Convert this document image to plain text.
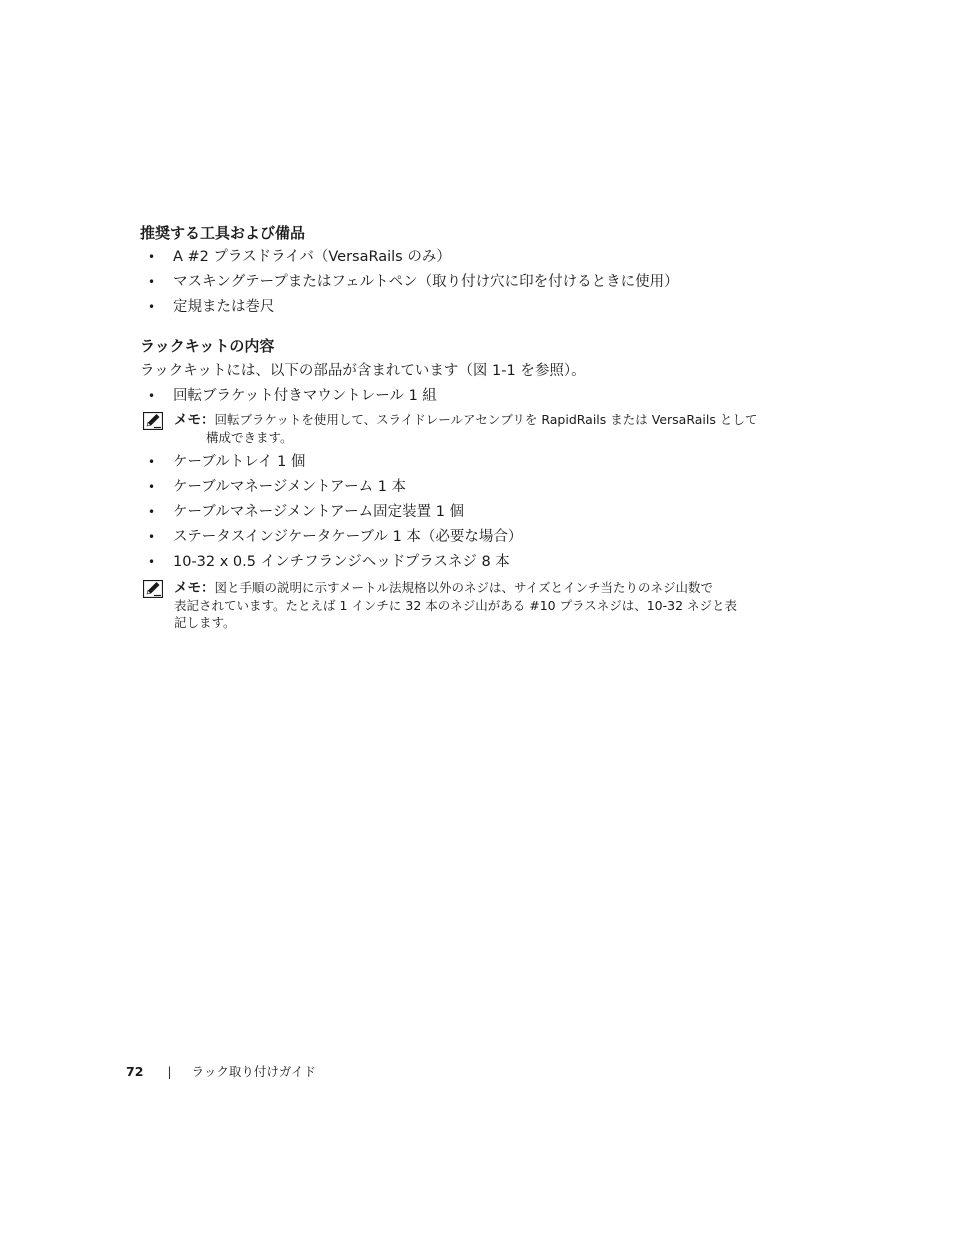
推奨する工具および備品
• A #2 プラスドライバ（VersaRails のみ）
• マスキングテープまたはフェルトペン（取り付け穴に印を付けるときに使用）
• 定規または巻尺
ラックキットの内容

ラックキットには、以下の部品が含まれています（図 1-1 を参照）。

• 回転ブラケット付きマウントレール 1 組
メモ：回転ブラケットを使用して、スライドレールアセンブリを RapidRails または VersaRails として
構成できます。
• ケーブルトレイ 1 個
• ケーブルマネージメントアーム 1 本
• ケーブルマネージメントアーム固定装置 1 個
• ステータスインジケータケーブル 1 本（必要な場合）
• 10-32 x 0.5 インチフランジヘッドプラスネジ 8 本
メモ：図と手順の説明に示すメートル法規格以外のネジは、サイズとインチ当たりのネジ山数で
表記されています。たとえば 1 インチに 32 本のネジ山がある #10 プラスネジは、10-32 ネジと表
記します。
72 | ラック取り付けガイド
